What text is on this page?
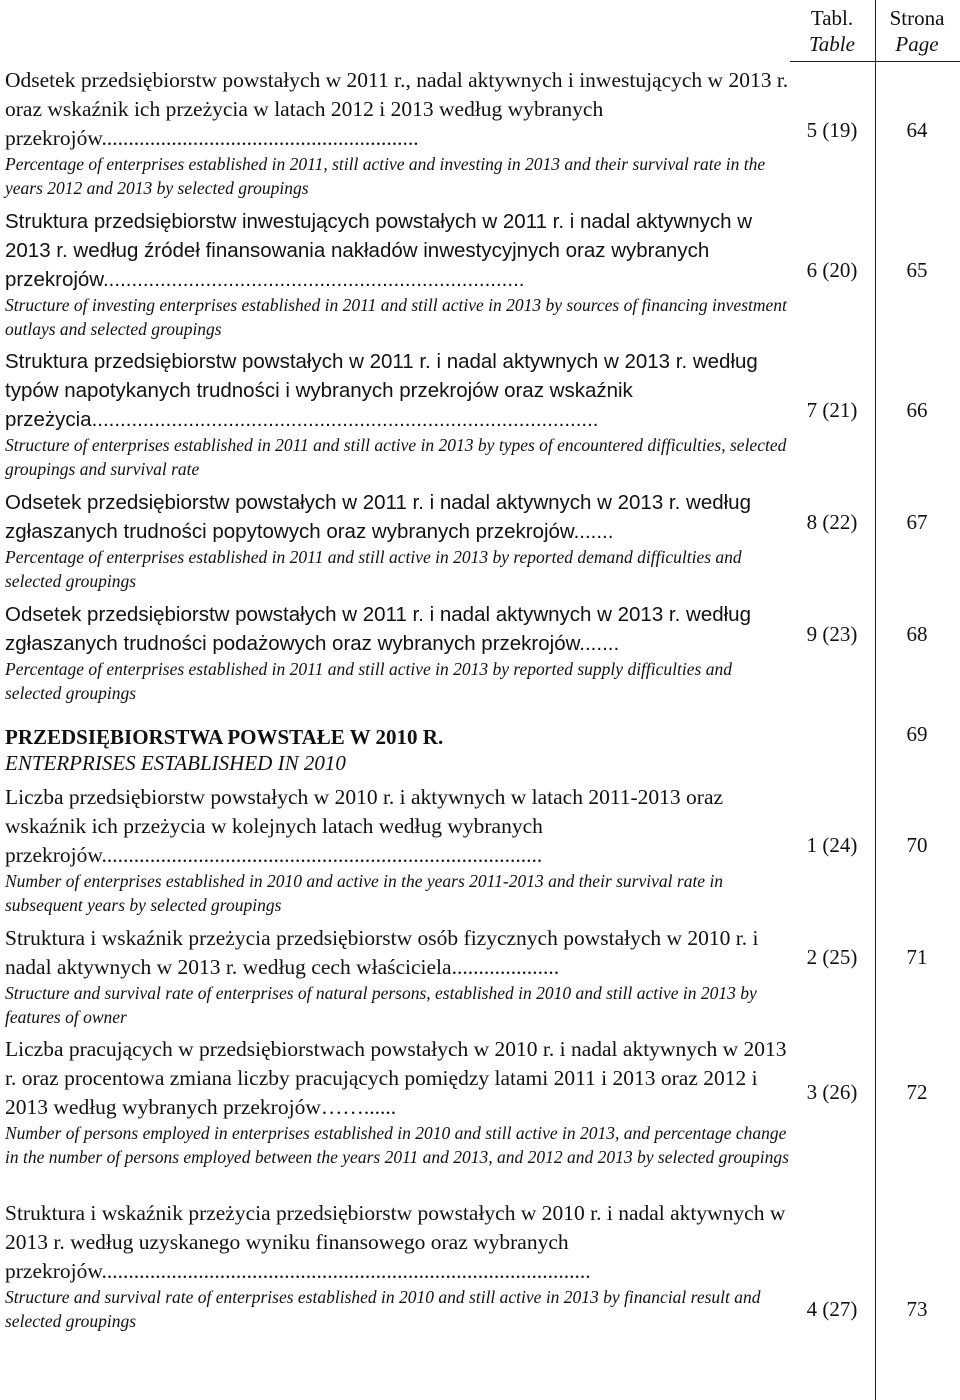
Tabl.
Table
Strona
Page

Odsetek przedsiębiorstw powstałych w 2011 r., nadal aktywnych i inwestujących w 2013 r. oraz wskaźnik ich przeżycia w latach 2012 i 2013 według wybranych przekrojów...........................................................

Percentage of enterprises established in 2011, still active and investing in 2013 and their survival rate in the years 2012 and 2013 by selected groupings

5 (19)	64

Struktura przedsiębiorstw inwestujących powstałych w 2011 r. i nadal aktywnych w 2013 r. według źródeł finansowania nakładów inwestycyjnych oraz wybranych przekrojów..........................................................................

Structure of investing enterprises established in 2011 and still active in 2013 by sources of financing investment outlays and selected groupings

6 (20)	65

Struktura przedsiębiorstw powstałych w 2011 r. i nadal aktywnych w 2013 r. według typów napotykanych trudności i wybranych przekrojów oraz wskaźnik przeżycia.........................................................................................

Structure of enterprises established in 2011 and still active in 2013 by types of encountered difficulties, selected groupings and survival rate

7 (21)	66

Odsetek przedsiębiorstw powstałych w 2011 r. i nadal aktywnych w 2013 r. według zgłaszanych trudności popytowych oraz wybranych przekrojów.......

Percentage of enterprises established in 2011 and still active in 2013 by reported demand difficulties and selected groupings

8 (22)	67

Odsetek przedsiębiorstw powstałych w 2011 r. i nadal aktywnych w 2013 r. według zgłaszanych trudności podażowych oraz wybranych przekrojów.......

Percentage of enterprises established in 2011 and still active in 2013 by reported supply difficulties and selected groupings

9 (23)	68

PRZEDSIĘBIORSTWA POWSTAŁE W 2010 R.

ENTERPRISES ESTABLISHED IN 2010

69

Liczba przedsiębiorstw powstałych w 2010 r. i aktywnych w latach 2011-2013 oraz wskaźnik ich przeżycia w kolejnych latach według wybranych przekrojów..................................................................................

Number of enterprises established in 2010 and active in the years 2011-2013 and their survival rate in subsequent years by selected groupings

1 (24)	70

Struktura i wskaźnik przeżycia przedsiębiorstw osób fizycznych powstałych w 2010 r. i nadal aktywnych w 2013 r. według cech właściciela....................

Structure and survival rate of enterprises of natural persons, established in 2010 and still active in 2013 by features of owner

2 (25)	71

Liczba pracujących w przedsiębiorstwach powstałych w 2010 r. i nadal aktywnych w 2013 r. oraz procentowa zmiana liczby pracujących pomiędzy latami 2011 i 2013 oraz 2012 i 2013 według wybranych przekrojów……......

Number of persons employed in enterprises established in 2010 and still active in 2013, and percentage change in the number of persons employed between the years 2011 and 2013, and 2012 and 2013 by selected groupings

3 (26)	72

Struktura i wskaźnik przeżycia przedsiębiorstw powstałych w 2010 r. i nadal aktywnych w 2013 r. według uzyskanego wyniku finansowego oraz wybranych przekrojów...........................................................................................

Structure and survival rate of enterprises established in 2010 and still active in 2013 by financial result and selected groupings	4 (27)	73
